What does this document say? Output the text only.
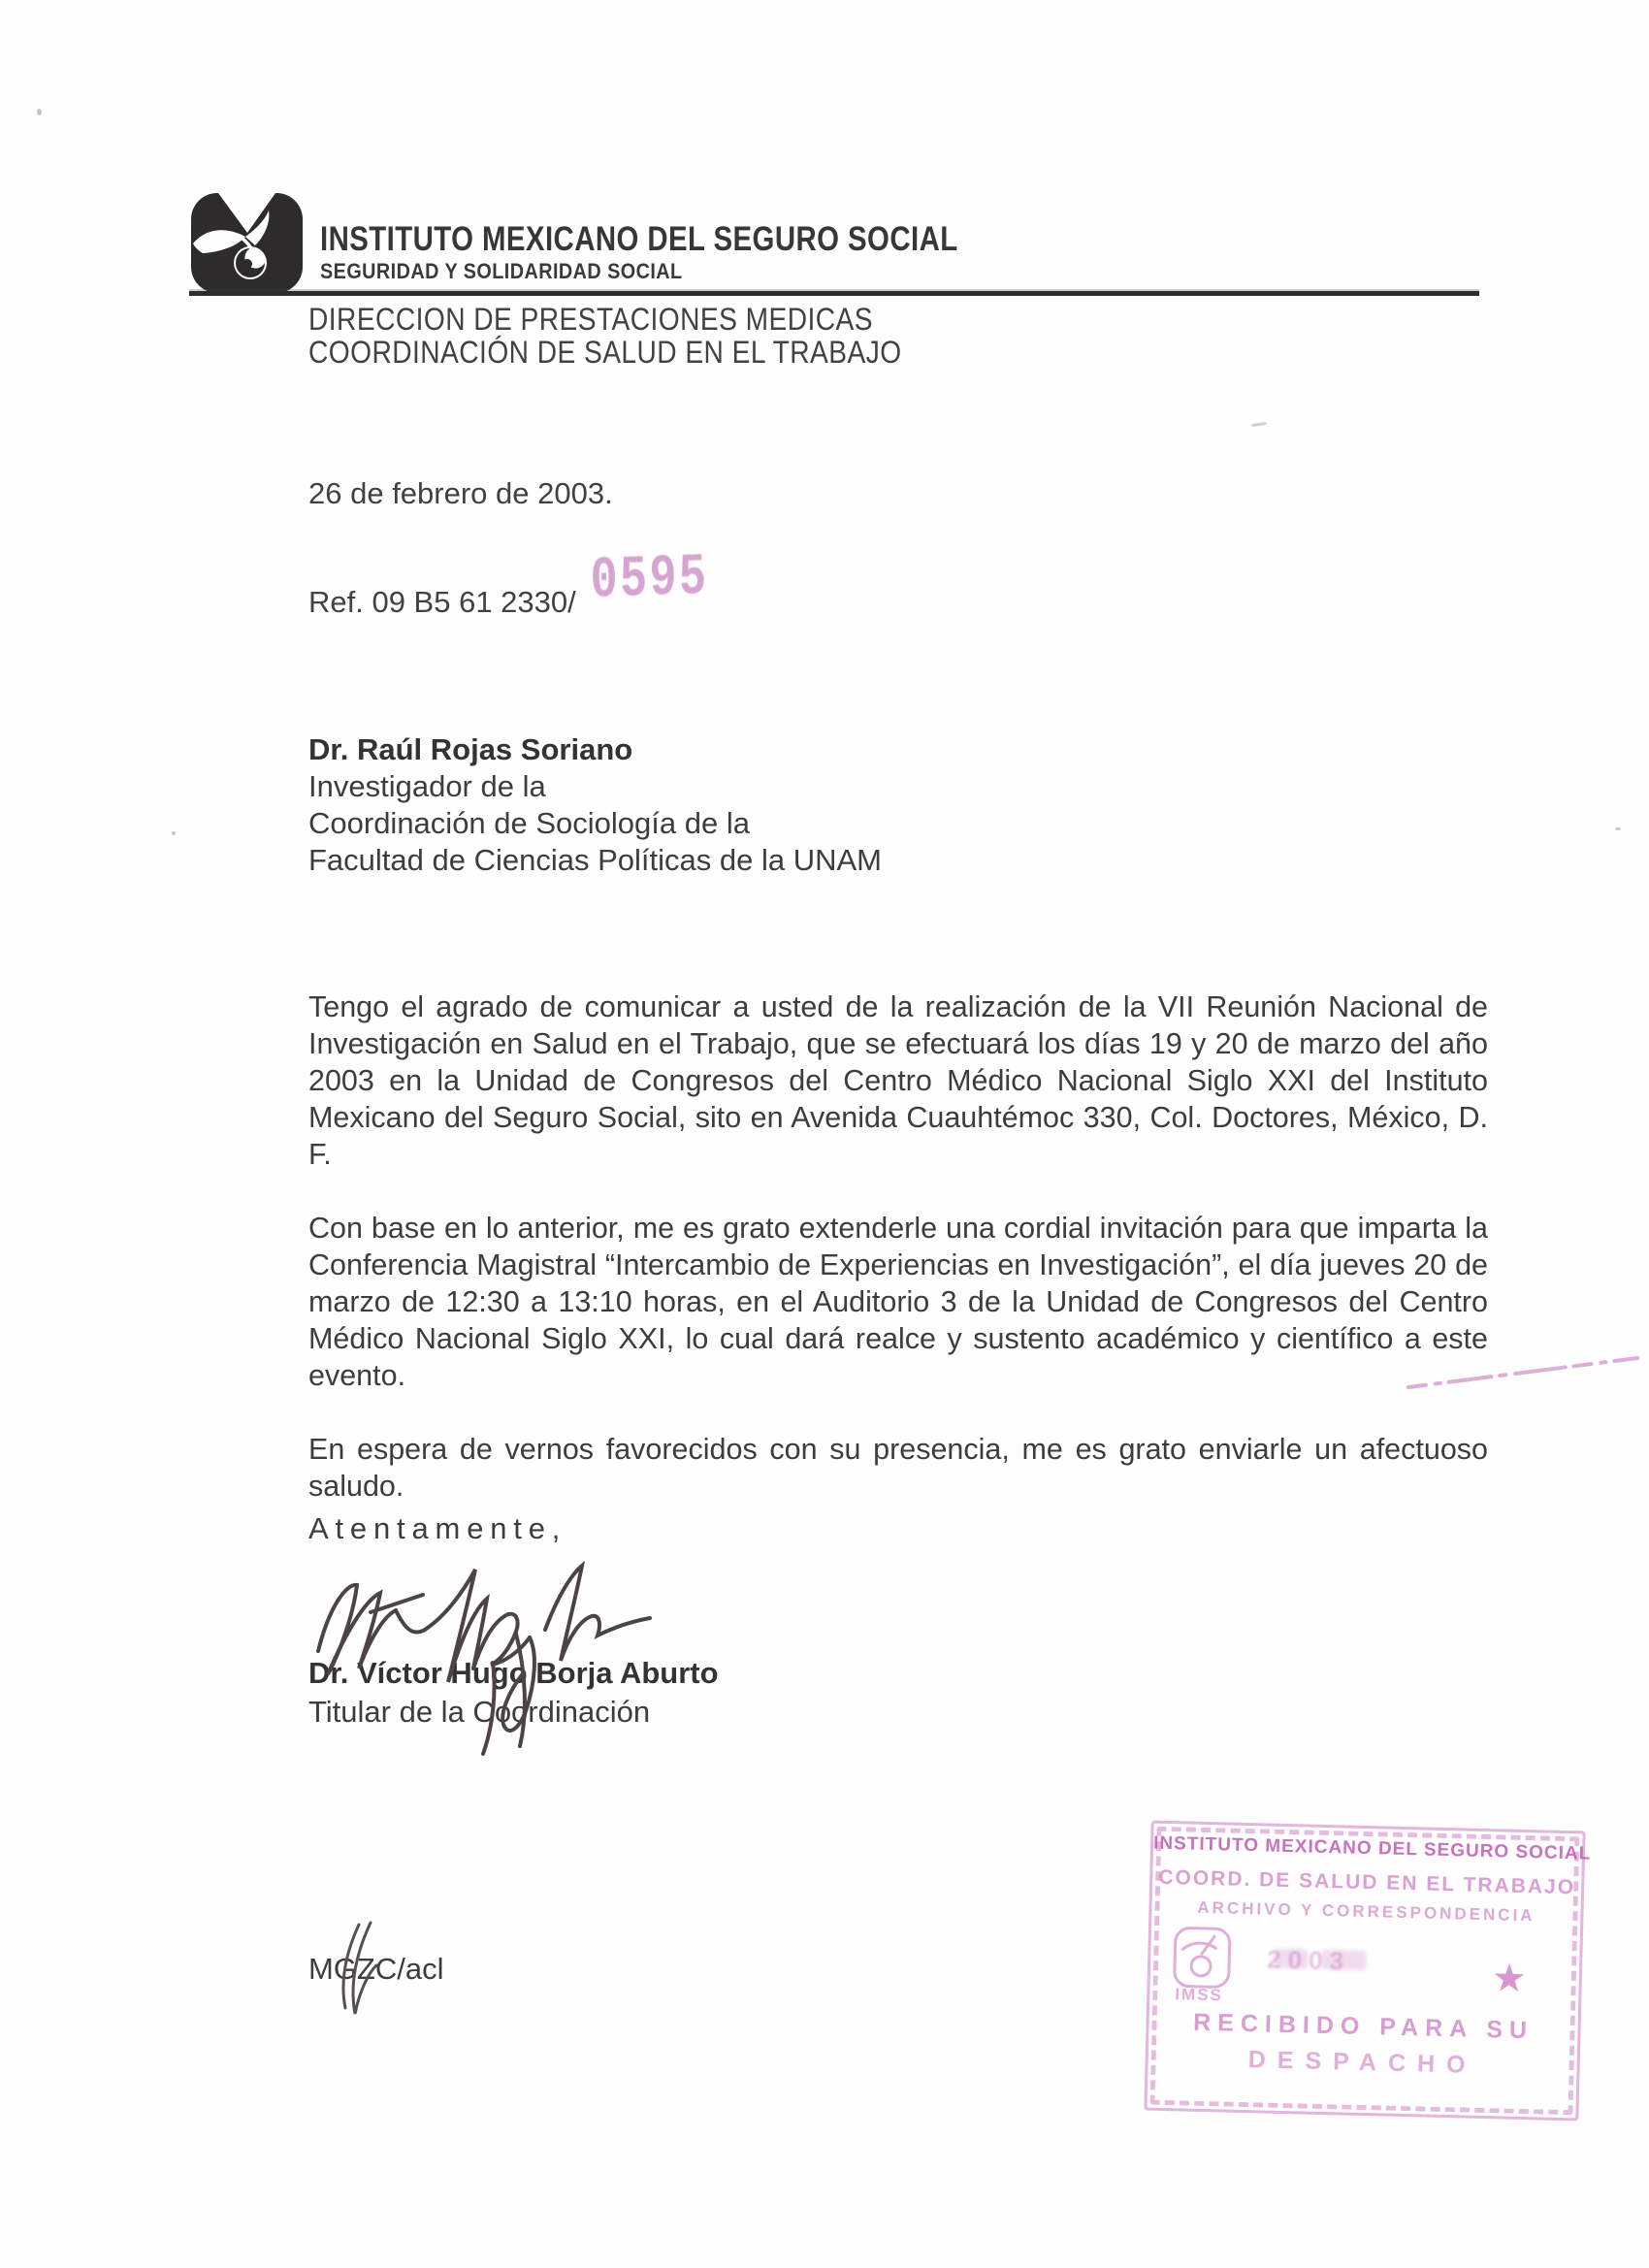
INSTITUTO MEXICANO DEL SEGURO SOCIAL
SEGURIDAD Y SOLIDARIDAD SOCIAL
DIRECCION DE PRESTACIONES MEDICAS
COORDINACIÓN DE SALUD EN EL TRABAJO
26 de febrero de 2003.
Ref. 09 B5 61 2330/ 0595
Dr. Raúl Rojas Soriano
Investigador de la
Coordinación de Sociología de la
Facultad de Ciencias Políticas de la UNAM

Tengo el agrado de comunicar a usted de la realización de la VII Reunión Nacional de Investigación en Salud en el Trabajo, que se efectuará los días 19 y 20 de marzo del año 2003 en la Unidad de Congresos del Centro Médico Nacional Siglo XXI del Instituto Mexicano del Seguro Social, sito en Avenida Cuauhtémoc 330, Col. Doctores, México, D. F.

Con base en lo anterior, me es grato extenderle una cordial invitación para que imparta la Conferencia Magistral “Intercambio de Experiencias en Investigación”, el día jueves 20 de marzo de 12:30 a 13:10 horas, en el Auditorio 3 de la Unidad de Congresos del Centro Médico Nacional Siglo XXI, lo cual dará realce y sustento académico y científico a este evento.

En espera de vernos favorecidos con su presencia, me es grato enviarle un afectuoso saludo.

Atentamente,
Dr. Víctor Hugo Borja Aburto
Titular de la Coordinación
MGZC/acl
INSTITUTO MEXICANO DEL SEGURO SOCIAL
COORD. DE SALUD EN EL TRABAJO
ARCHIVO Y CORRESPONDENCIA
IMSS
2003	★
RECIBIDO PARA SU
DESPACHO
